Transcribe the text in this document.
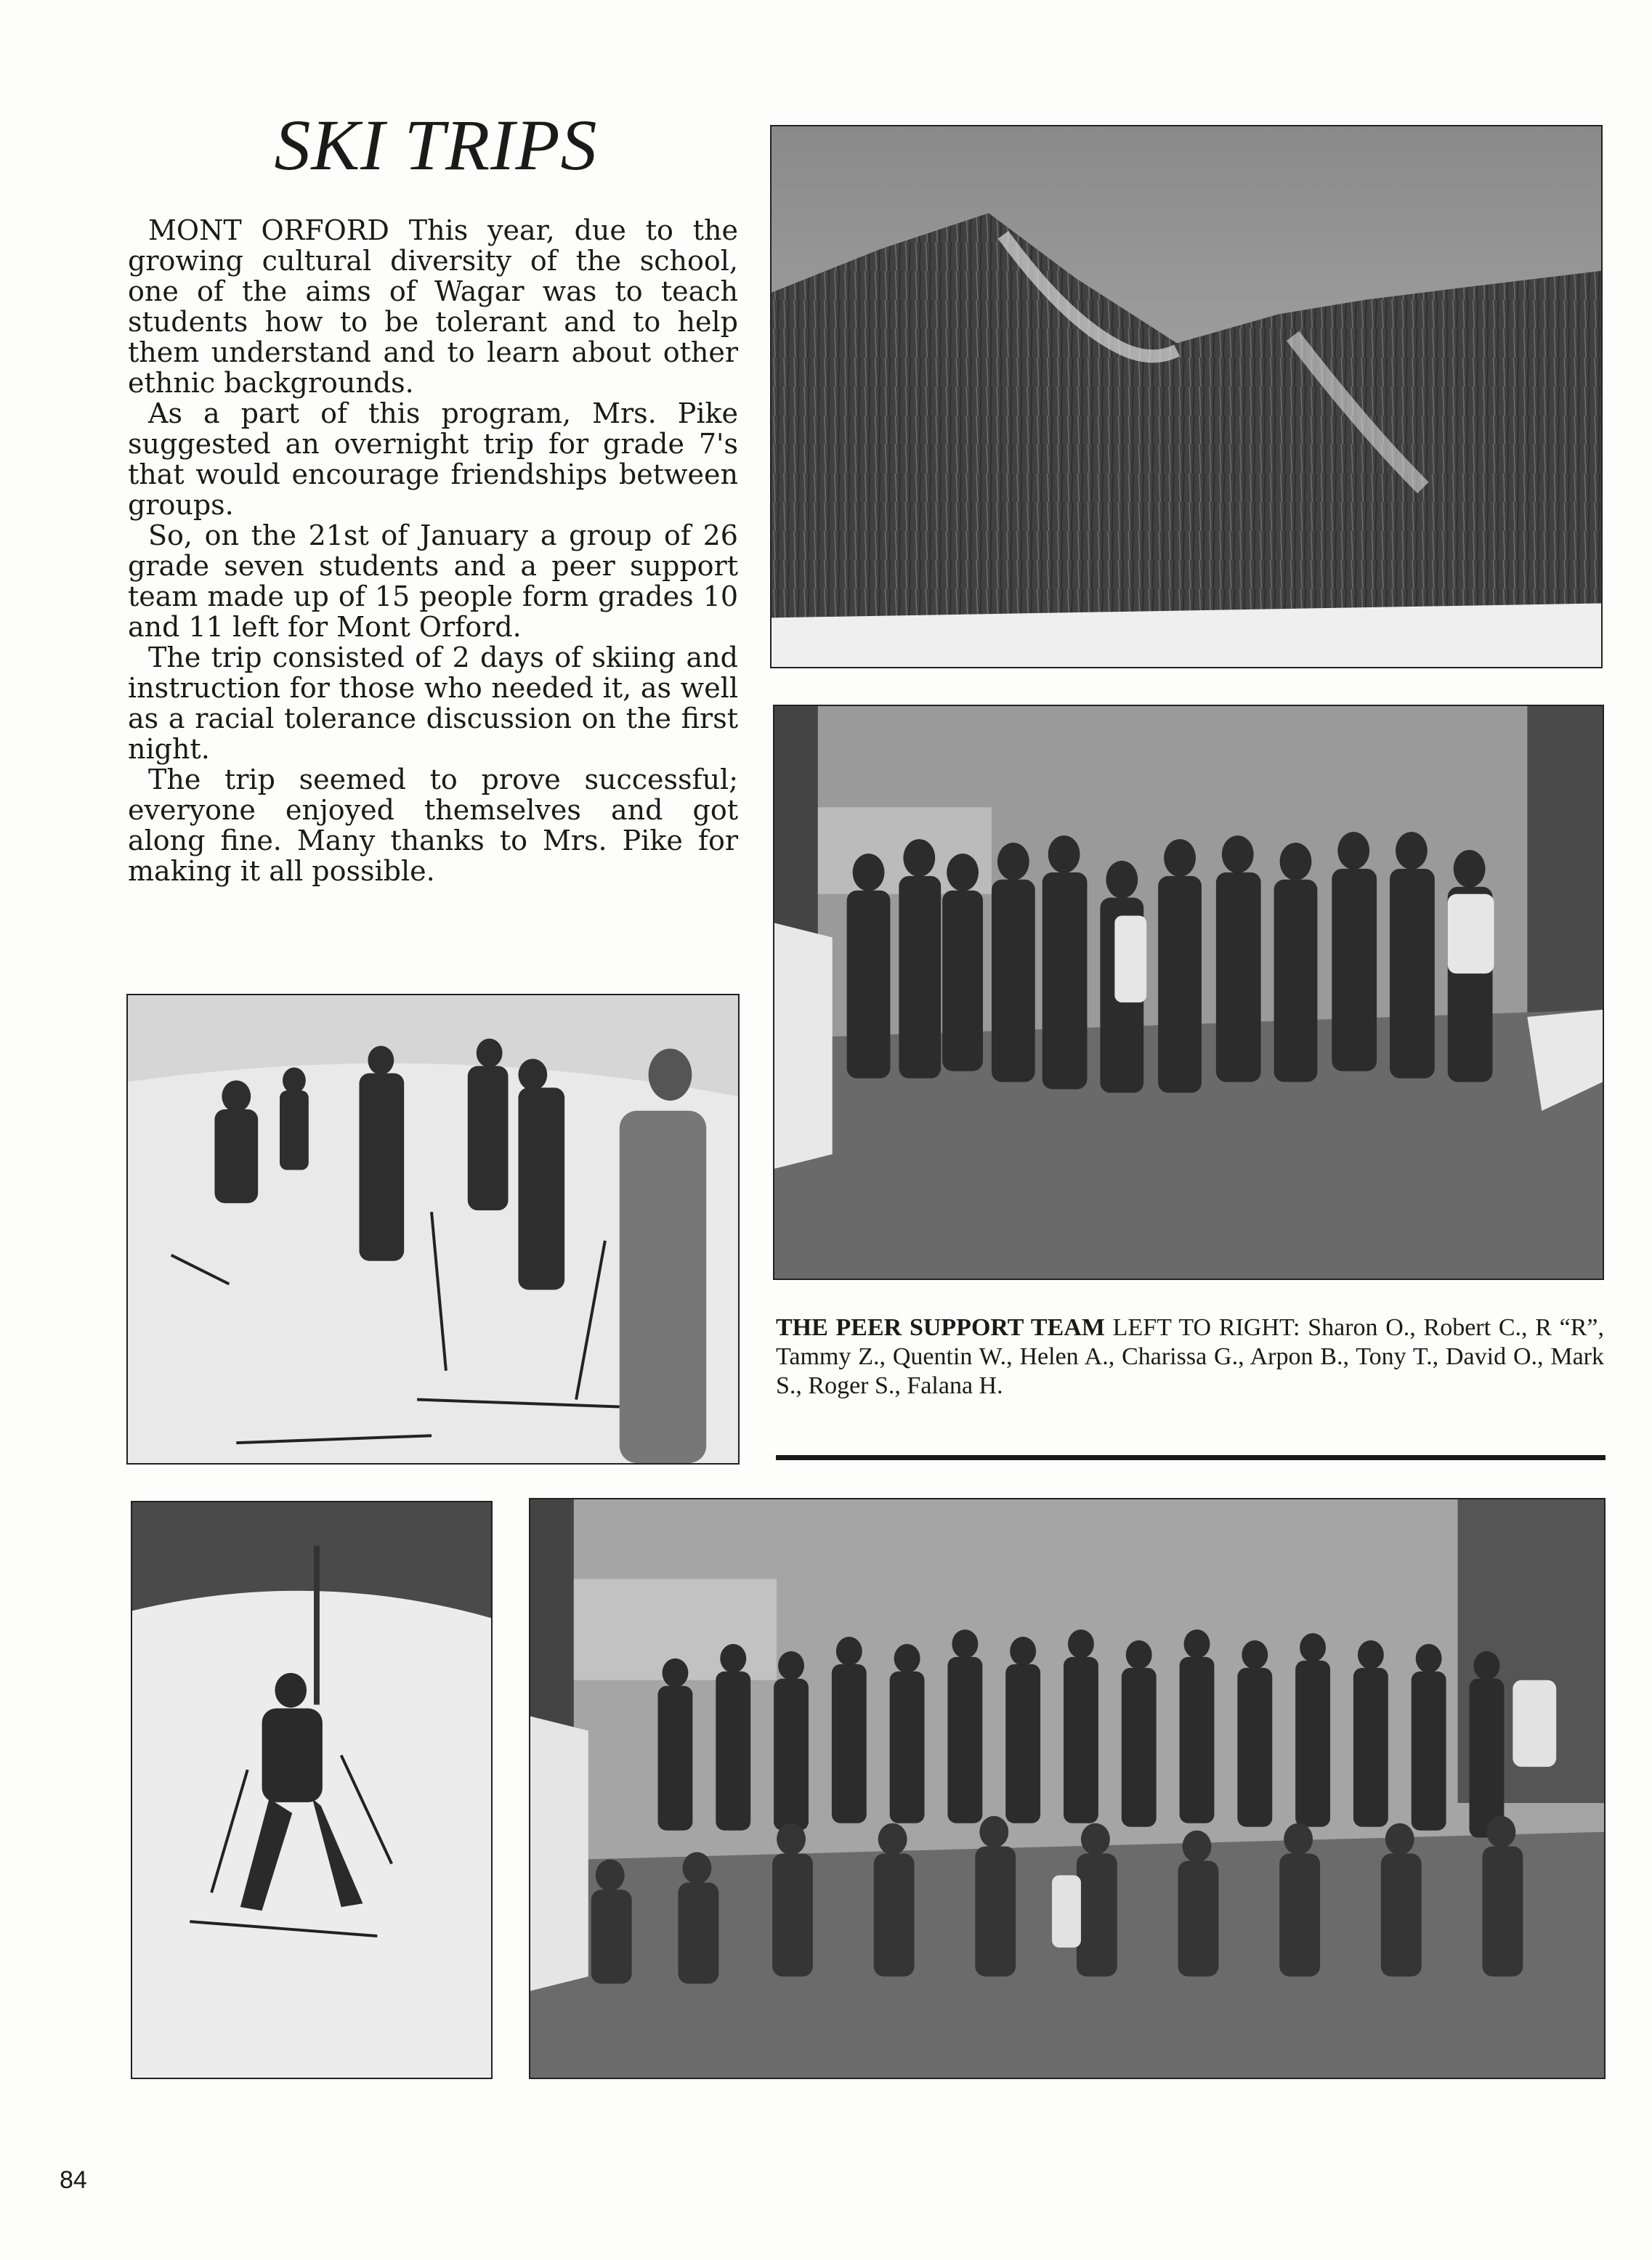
SKI TRIPS

MONT ORFORD This year, due to the growing cultural diversity of the school, one of the aims of Wagar was to teach students how to be tolerant and to help them understand and to learn about other ethnic backgrounds.

As a part of this program, Mrs. Pike suggested an overnight trip for grade 7's that would encourage friendships between groups.

So, on the 21st of January a group of 26 grade seven students and a peer support team made up of 15 people form grades 10 and 11 left for Mont Orford.

The trip consisted of 2 days of skiing and instruction for those who needed it, as well as a racial tolerance discussion on the first night.

The trip seemed to prove successful; everyone enjoyed themselves and got along fine. Many thanks to Mrs. Pike for making it all possible.

THE PEER SUPPORT TEAM LEFT TO RIGHT: Sharon O., Robert C., R “R”, Tammy Z., Quentin W., Helen A., Charissa G., Arpon B., Tony T., David O., Mark S., Roger S., Falana H.
84
